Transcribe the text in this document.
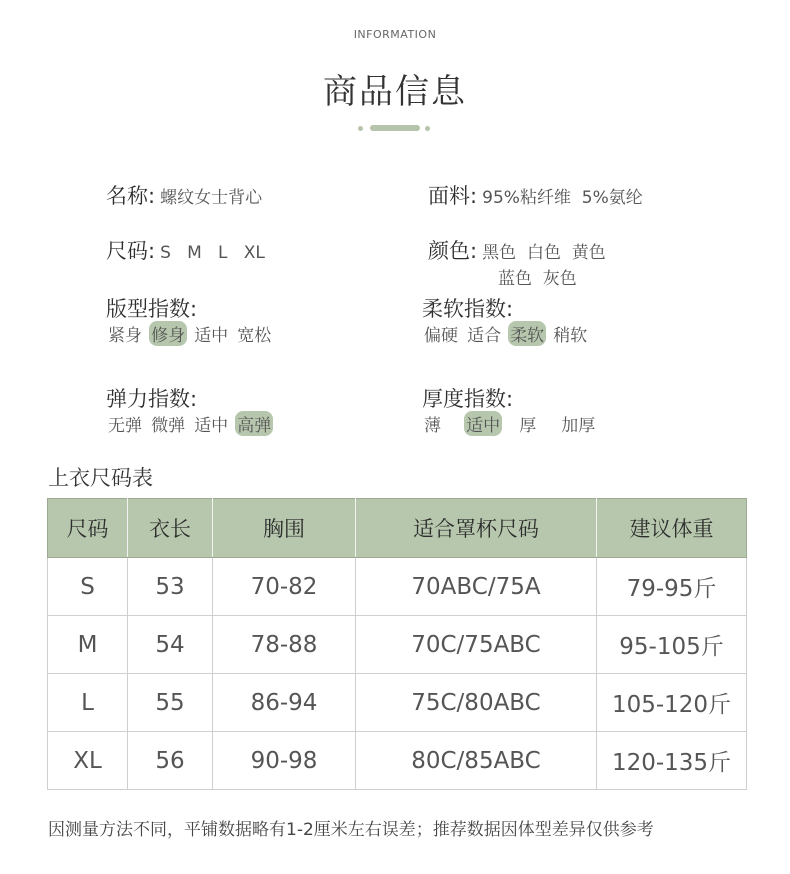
INFORMATION
商品信息
名称: 螺纹女士背心	面料: 95%粘纤维  5%氨纶
尺码: S   M   L   XL	颜色: 黑色  白色  黄色
蓝色  灰色
版型指数:
紧身 修身 适中 宽松
柔软指数:
偏硬 适合 柔软 稍软
弹力指数:
无弹 微弹 适中 高弹
厚度指数:
薄 适中 厚 加厚
上衣尺码表
尺码	衣长	胸围	适合罩杯尺码	建议体重
S	53	70-82	70ABC/75A	79-95斤
M	54	78-88	70C/75ABC	95-105斤
L	55	86-94	75C/80ABC	105-120斤
XL	56	90-98	80C/85ABC	120-135斤
因测量方法不同，平铺数据略有1-2厘米左右误差；推荐数据因体型差异仅供参考
